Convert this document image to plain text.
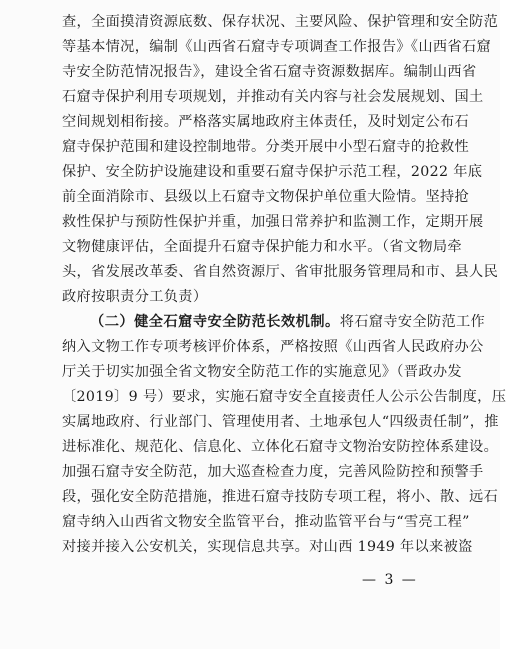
查，全面摸清资源底数、保存状况、主要风险、保护管理和安全防范
等基本情况，编制《山西省石窟寺专项调查工作报告》《山西省石窟
寺安全防范情况报告》，建设全省石窟寺资源数据库。编制山西省
石窟寺保护利用专项规划，并推动有关内容与社会发展规划、国土
空间规划相衔接。严格落实属地政府主体责任，及时划定公布石
窟寺保护范围和建设控制地带。分类开展中小型石窟寺的抢救性
保护、安全防护设施建设和重要石窟寺保护示范工程，2022 年底
前全面消除市、县级以上石窟寺文物保护单位重大险情。坚持抢
救性保护与预防性保护并重，加强日常养护和监测工作，定期开展
文物健康评估，全面提升石窟寺保护能力和水平。（省文物局牵
头，省发展改革委、省自然资源厅、省审批服务管理局和市、县人民
政府按职责分工负责）
（二）健全石窟寺安全防范长效机制。将石窟寺安全防范工作
纳入文物工作专项考核评价体系，严格按照《山西省人民政府办公
厅关于切实加强全省文物安全防范工作的实施意见》（晋政办发
〔2019〕9 号）要求，实施石窟寺安全直接责任人公示公告制度，压
实属地政府、行业部门、管理使用者、土地承包人“四级责任制”，推
进标准化、规范化、信息化、立体化石窟寺文物治安防控体系建设。
加强石窟寺安全防范，加大巡查检查力度，完善风险防控和预警手
段，强化安全防范措施，推进石窟寺技防专项工程，将小、散、远石
窟寺纳入山西省文物安全监管平台，推动监管平台与“雪亮工程”
对接并接入公安机关，实现信息共享。对山西 1949 年以来被盗
— 3 —
